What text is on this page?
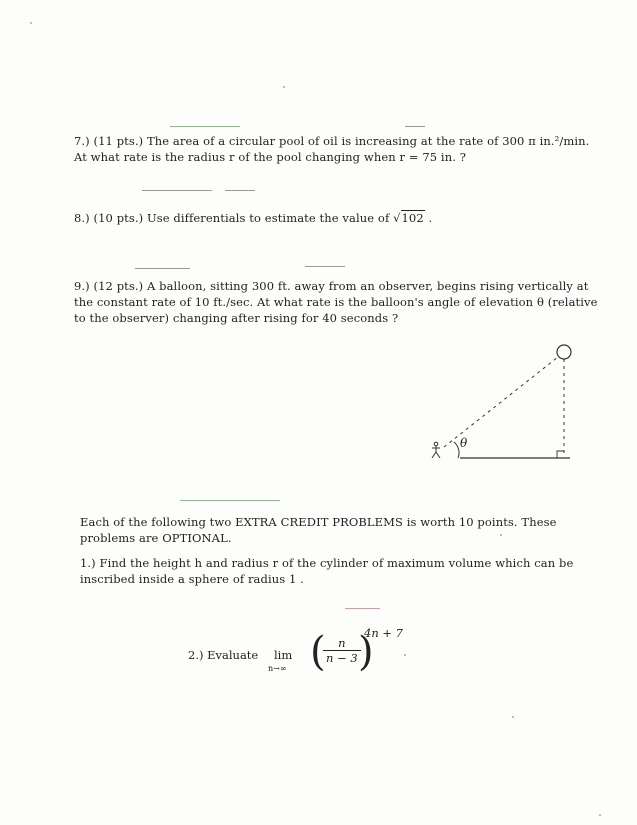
7.) (11 pts.) The area of a circular pool of oil is increasing at the rate of 300 π in.²/min.
At what rate is the radius r of the pool changing when r = 75 in. ?
8.) (10 pts.) Use differentials to estimate the value of √102 .
9.) (12 pts.) A balloon, sitting 300 ft. away from an observer, begins rising vertically at
the constant rate of 10 ft./sec. At what rate is the balloon's angle of elevation θ (relative
to the observer) changing after rising for 40 seconds ?
θ
Each of the following two EXTRA CREDIT PROBLEMS is worth 10 points. These
problems are OPTIONAL.
1.) Find the height h and radius r of the cylinder of maximum volume which can be
inscribed inside a sphere of radius 1 .
2.) Evaluate lim
n→∞ (
$\frac{n}{n - 3}$
)
4n + 7
